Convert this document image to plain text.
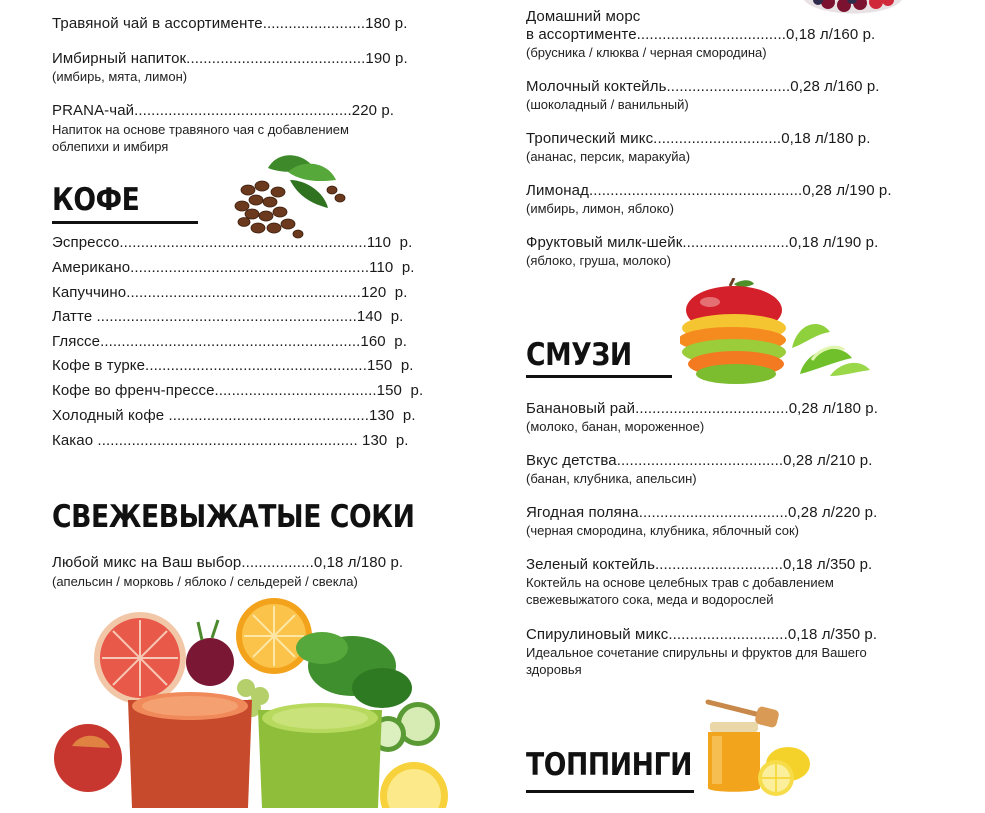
Травяной чай в ассортименте........................180 р.
Имбирный напиток..........................................190 р.
(имбирь, мята, лимон)
PRANA-чай...................................................220 р.
Напиток на основе травяного чая с добавлением
облепихи и имбиря
КОФЕ
Эспрессо..........................................................110  р.
Американо........................................................110  р.
Капуччино.......................................................120  р.
Латте .............................................................140  р.
Гляссе.............................................................160  р.
Кофе в турке....................................................150  р.
Кофе во френч-прессе......................................150  р.
Холодный кофе ...............................................130  р.
Какао ............................................................. 130  р.
СВЕЖЕВЫЖАТЫЕ СОКИ
Любой микс на Ваш выбор.................0,18 л/180 р.
(апельсин / морковь / яблоко / сельдерей / свекла)
Домашний морс
в ассортименте...................................0,18 л/160 р.
(брусника / клюква / черная смородина)
Молочный коктейль.............................0,28 л/160 р.
(шоколадный / ванильный)
Тропический микс..............................0,18 л/180 р.
(ананас, персик, маракуйа)
Лимонад..................................................0,28 л/190 р.
(имбирь, лимон, яблоко)
Фруктовый милк-шейк.........................0,18 л/190 р.
(яблоко, груша, молоко)
СМУЗИ
Банановый рай....................................0,28 л/180 р.
(молоко, банан, мороженное)
Вкус детства.......................................0,28 л/210 р.
(банан, клубника, апельсин)
Ягодная поляна...................................0,28 л/220 р.
(черная смородина, клубника, яблочный сок)
Зеленый коктейль..............................0,18 л/350 р.
Коктейль на основе целебных трав с добавлением
свежевыжатого сока, меда и водорослей
Спирулиновый микс............................0,18 л/350 р.
Идеальное сочетание спирульны и фруктов для Вашего
здоровья
ТОППИНГИ
